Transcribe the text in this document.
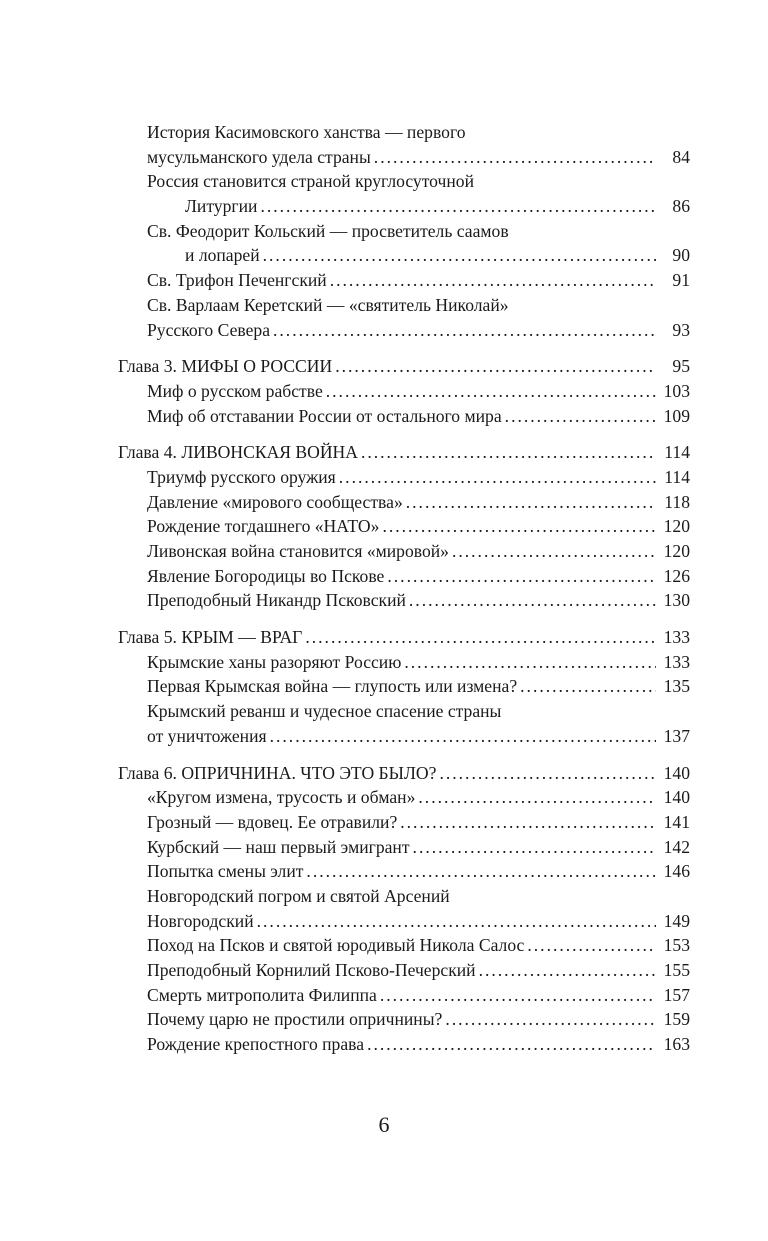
История Касимовского ханства — первого
мусульманского удела страны . . .	84
Россия становится страной круглосуточной
Литургии . . .	86
Св. Феодорит Кольский — просветитель саамов
и лопарей . . .	90
Св. Трифон Печенгский . . .	91
Св. Варлаам Керетский — «святитель Николай»
Русского Севера . . .	93
Глава 3. МИФЫ О РОССИИ . . .	95
Миф о русском рабстве . . .	103
Миф об отставании России от остального мира . . .	109
Глава 4. ЛИВОНСКАЯ ВОЙНА . . .	114
Триумф русского оружия . . .	114
Давление «мирового сообщества» . . .	118
Рождение тогдашнего «НАТО» . . .	120
Ливонская война становится «мировой» . . .	120
Явление Богородицы во Пскове . . .	126
Преподобный Никандр Псковский . . .	130
Глава 5. КРЫМ — ВРАГ . . .	133
Крымские ханы разоряют Россию . . .	133
Первая Крымская война — глупость или измена? . . .	135
Крымский реванш и чудесное спасение страны
от уничтожения . . .	137
Глава 6. ОПРИЧНИНА. ЧТО ЭТО БЫЛО? . . .	140
«Кругом измена, трусость и обман» . . .	140
Грозный — вдовец. Ее отравили? . . .	141
Курбский — наш первый эмигрант . . .	142
Попытка смены элит . . .	146
Новгородский погром и святой Арсений
Новгородский . . .	149
Поход на Псков и святой юродивый Никола Салос . . .	153
Преподобный Корнилий Псково-Печерский . . .	155
Смерть митрополита Филиппа . . .	157
Почему царю не простили опричнины? . . .	159
Рождение крепостного права . . .	163
6
